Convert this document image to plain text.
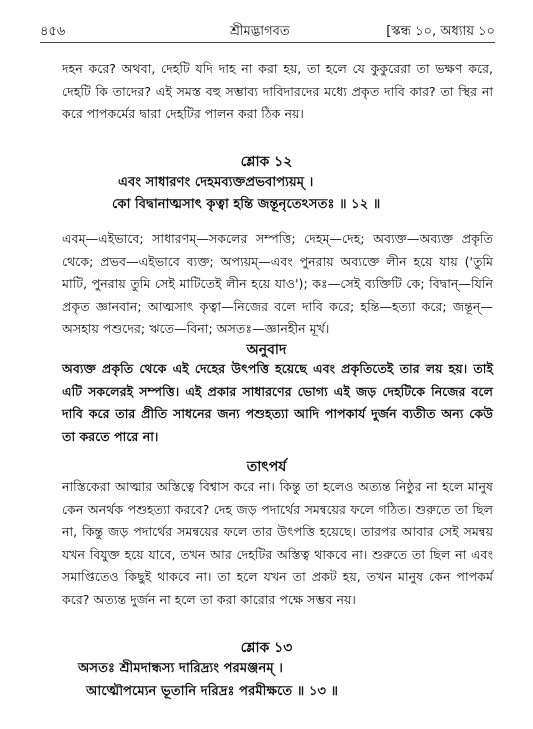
৪৫৬	শ্রীমদ্ভাগবত	[স্কন্ধ ১০, অধ্যায় ১০

দহন করে? অথবা, দেহটি যদি দাহ না করা হয়, তা হলে যে কুকুরেরা তা ভক্ষণ করে, দেহটি কি তাদের? এই সমস্ত বহু সম্ভাব্য দাবিদারদের মধ্যে প্রকৃত দাবি কার? তা স্থির না করে পাপকর্মের দ্বারা দেহটির পালন করা ঠিক নয়।

শ্লোক ১২
এবং সাধারণং দেহমব্যক্তপ্রভবাপ্যয়ম্ ।
কো বিদ্বানাত্মসাৎ কৃত্বা হন্তি জন্তূনৃতেঽসতঃ ॥ ১২ ॥

এবম্—এইভাবে; সাধারণম্—সকলের সম্পত্তি; দেহম্—দেহ; অব্যক্ত—অব্যক্ত প্রকৃতি থেকে; প্রভব—এইভাবে ব্যক্ত; অপ্যয়ম্—এবং পুনরায় অব্যক্তে লীন হয়ে যায় ('তুমি মাটি, পুনরায় তুমি সেই মাটিতেই লীন হয়ে যাও'); কঃ—সেই ব্যক্তিটি কে; বিদ্বান্—যিনি প্রকৃত জ্ঞানবান; আত্মসাৎ কৃত্বা—নিজের বলে দাবি করে; হন্তি—হত্যা করে; জন্তূন্—অসহায় পশুদের; ঋতে—বিনা; অসতঃ—জ্ঞানহীন মূর্খ।

অনুবাদ

অব্যক্ত প্রকৃতি থেকে এই দেহের উৎপত্তি হয়েছে এবং প্রকৃতিতেই তার লয় হয়। তাই এটি সকলেরই সম্পত্তি। এই প্রকার সাধারণের ভোগ্য এই জড় দেহটিকে নিজের বলে দাবি করে তার প্রীতি সাধনের জন্য পশুহত্যা আদি পাপকার্য দুর্জন ব্যতীত অন্য কেউ তা করতে পারে না।

তাৎপর্য

নাস্তিকেরা আত্মার অস্তিত্বে বিশ্বাস করে না। কিন্তু তা হলেও অত্যন্ত নিষ্ঠুর না হলে মানুষ কেন অনর্থক পশুহত্যা করবে? দেহ জড় পদার্থের সমন্বয়ের ফলে গঠিত। শুরুতে তা ছিল না, কিন্তু জড় পদার্থের সমন্বয়ের ফলে তার উৎপত্তি হয়েছে। তারপর আবার সেই সমন্বয় যখন বিযুক্ত হয়ে যাবে, তখন আর দেহটির অস্তিত্ব থাকবে না। শুরুতে তা ছিল না এবং সমাপ্তিতেও কিছুই থাকবে না। তা হলে যখন তা প্রকট হয়, তখন মানুষ কেন পাপকর্ম করে? অত্যন্ত দুর্জন না হলে তা করা কারোর পক্ষে সম্ভব নয়।

শ্লোক ১৩
অসতঃ শ্রীমদান্ধস্য দারিদ্র্যং পরমঞ্জনম্ ।
আত্মৌপম্যেন ভূতানি দরিদ্রঃ পরমীক্ষতে ॥ ১৩ ॥
